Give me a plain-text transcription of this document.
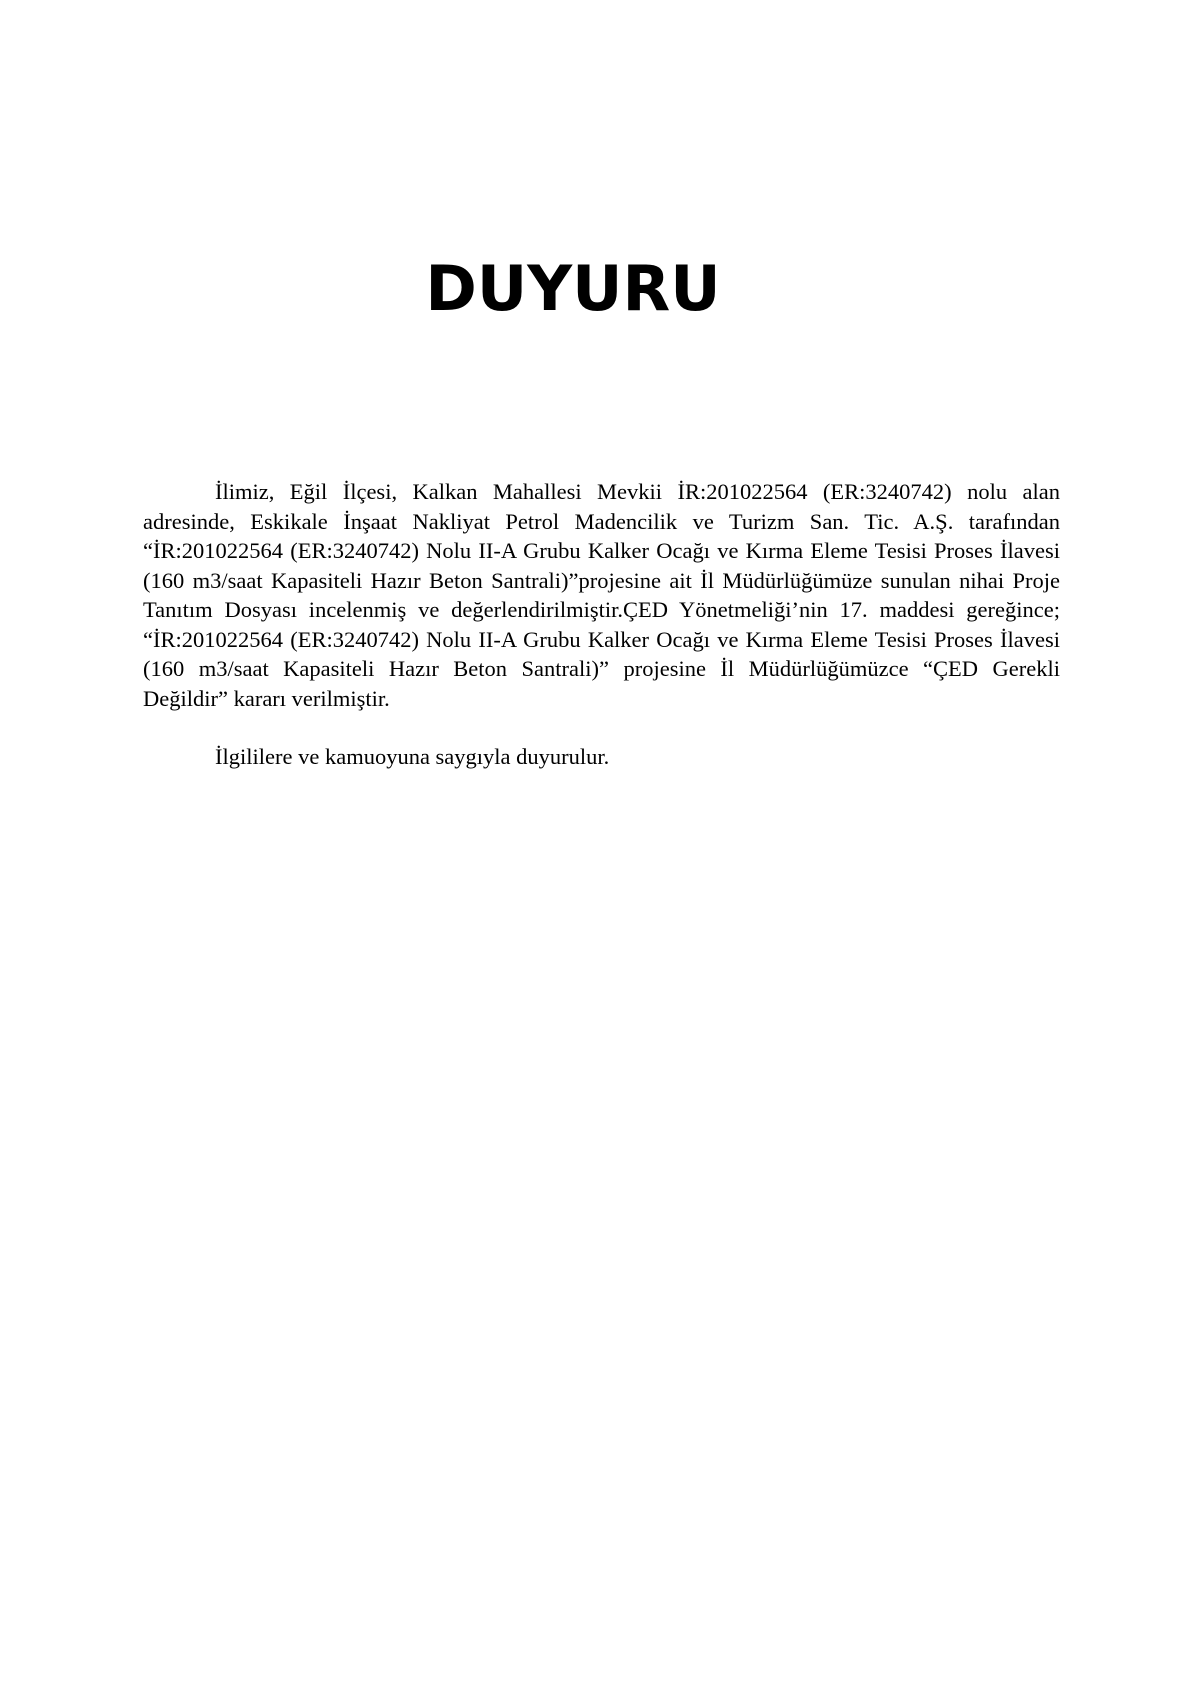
DUYURU

İlimiz, Eğil İlçesi, Kalkan Mahallesi Mevkii İR:201022564 (ER:3240742) nolu alan adresinde, Eskikale İnşaat Nakliyat Petrol Madencilik ve Turizm San. Tic. A.Ş. tarafından “İR:201022564 (ER:3240742) Nolu II-A Grubu Kalker Ocağı ve Kırma Eleme Tesisi Proses İlavesi (160 m3/saat Kapasiteli Hazır Beton Santrali)”projesine ait İl Müdürlüğümüze sunulan nihai Proje Tanıtım Dosyası incelenmiş ve değerlendirilmiştir.ÇED Yönetmeliği’nin 17. maddesi gereğince; “İR:201022564 (ER:3240742) Nolu II-A Grubu Kalker Ocağı ve Kırma Eleme Tesisi Proses İlavesi (160 m3/saat Kapasiteli Hazır Beton Santrali)” projesine İl Müdürlüğümüzce “ÇED Gerekli Değildir” kararı verilmiştir.

İlgililere ve kamuoyuna saygıyla duyurulur.
